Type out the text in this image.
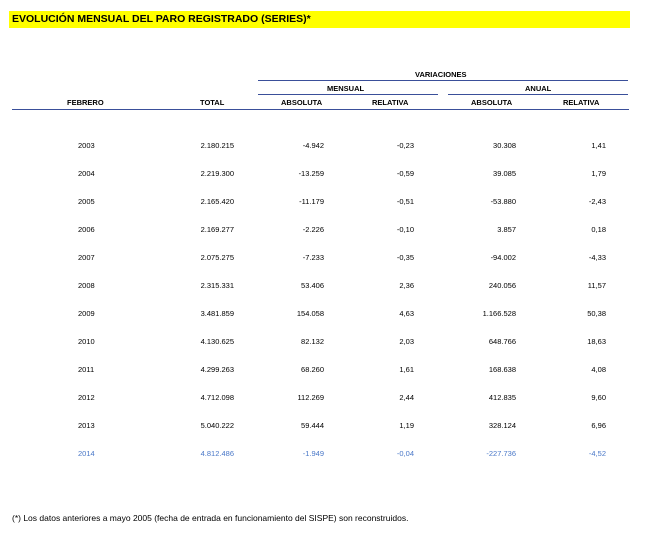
EVOLUCIÓN MENSUAL DEL PARO REGISTRADO (SERIES)*
VARIACIONES
MENSUAL	ANUAL
FEBRERO	TOTAL	ABSOLUTA	RELATIVA	ABSOLUTA	RELATIVA
2003	2.180.215	-4.942	-0,23	30.308	1,41
2004	2.219.300	-13.259	-0,59	39.085	1,79
2005	2.165.420	-11.179	-0,51	-53.880	-2,43
2006	2.169.277	-2.226	-0,10	3.857	0,18
2007	2.075.275	-7.233	-0,35	-94.002	-4,33
2008	2.315.331	53.406	2,36	240.056	11,57
2009	3.481.859	154.058	4,63	1.166.528	50,38
2010	4.130.625	82.132	2,03	648.766	18,63
2011	4.299.263	68.260	1,61	168.638	4,08
2012	4.712.098	112.269	2,44	412.835	9,60
2013	5.040.222	59.444	1,19	328.124	6,96
2014	4.812.486	-1.949	-0,04	-227.736	-4,52
(*) Los datos anteriores a mayo 2005 (fecha de entrada en funcionamiento del SISPE) son reconstruidos.
